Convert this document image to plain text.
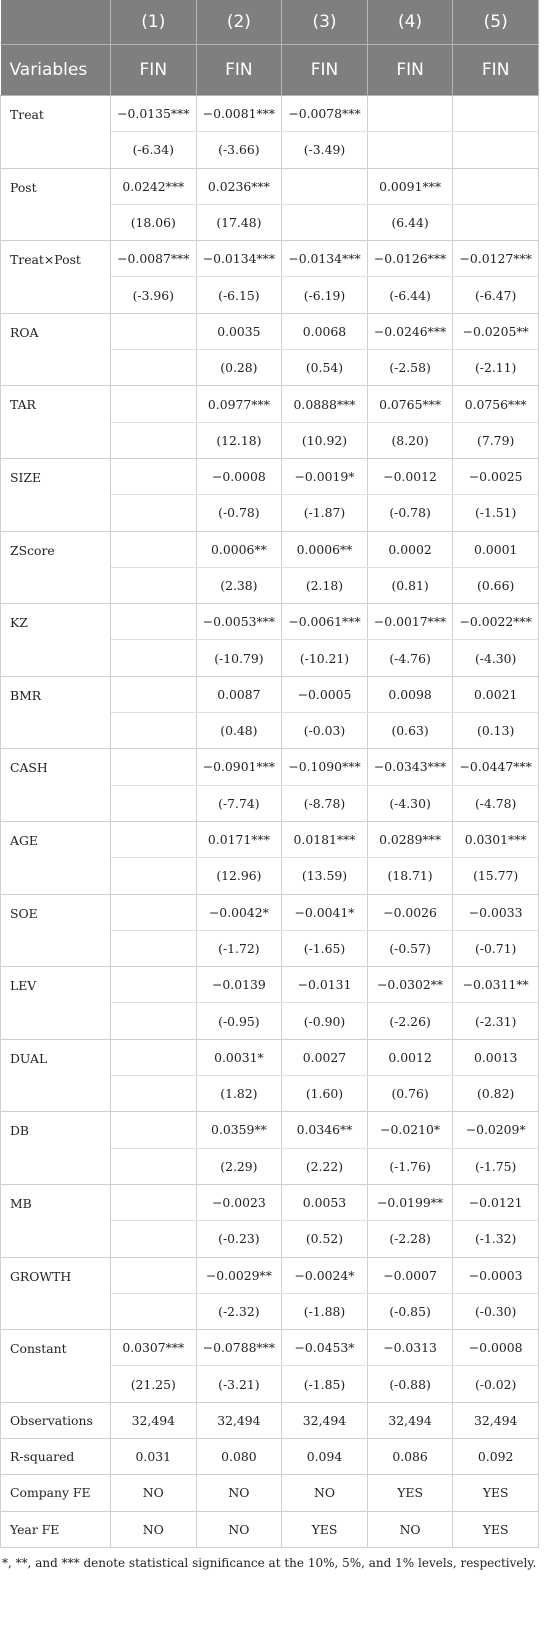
	(1)	(2)	(3)	(4)	(5)
Variables	FIN	FIN	FIN	FIN	FIN
Treat	−0.0135***	−0.0081***	−0.0078***		
	(-6.34)	(-3.66)	(-3.49)		
Post	0.0242***	0.0236***		0.0091***	
	(18.06)	(17.48)		(6.44)	
Treat×Post	−0.0087***	−0.0134***	−0.0134***	−0.0126***	−0.0127***
	(-3.96)	(-6.15)	(-6.19)	(-6.44)	(-6.47)
ROA		0.0035	0.0068	−0.0246***	−0.0205**
		(0.28)	(0.54)	(-2.58)	(-2.11)
TAR		0.0977***	0.0888***	0.0765***	0.0756***
		(12.18)	(10.92)	(8.20)	(7.79)
SIZE		−0.0008	−0.0019*	−0.0012	−0.0025
		(-0.78)	(-1.87)	(-0.78)	(-1.51)
ZScore		0.0006**	0.0006**	0.0002	0.0001
		(2.38)	(2.18)	(0.81)	(0.66)
KZ		−0.0053***	−0.0061***	−0.0017***	−0.0022***
		(-10.79)	(-10.21)	(-4.76)	(-4.30)
BMR		0.0087	−0.0005	0.0098	0.0021
		(0.48)	(-0.03)	(0.63)	(0.13)
CASH		−0.0901***	−0.1090***	−0.0343***	−0.0447***
		(-7.74)	(-8.78)	(-4.30)	(-4.78)
AGE		0.0171***	0.0181***	0.0289***	0.0301***
		(12.96)	(13.59)	(18.71)	(15.77)
SOE		−0.0042*	−0.0041*	−0.0026	−0.0033
		(-1.72)	(-1.65)	(-0.57)	(-0.71)
LEV		−0.0139	−0.0131	−0.0302**	−0.0311**
		(-0.95)	(-0.90)	(-2.26)	(-2.31)
DUAL		0.0031*	0.0027	0.0012	0.0013
		(1.82)	(1.60)	(0.76)	(0.82)
DB		0.0359**	0.0346**	−0.0210*	−0.0209*
		(2.29)	(2.22)	(-1.76)	(-1.75)
MB		−0.0023	0.0053	−0.0199**	−0.0121
		(-0.23)	(0.52)	(-2.28)	(-1.32)
GROWTH		−0.0029**	−0.0024*	−0.0007	−0.0003
		(-2.32)	(-1.88)	(-0.85)	(-0.30)
Constant	0.0307***	−0.0788***	−0.0453*	−0.0313	−0.0008
	(21.25)	(-3.21)	(-1.85)	(-0.88)	(-0.02)
Observations	32,494	32,494	32,494	32,494	32,494
R-squared	0.031	0.080	0.094	0.086	0.092
Company FE	NO	NO	NO	YES	YES
Year FE	NO	NO	YES	NO	YES
*, **, and *** denote statistical significance at the 10%, 5%, and 1% levels, respectively.
